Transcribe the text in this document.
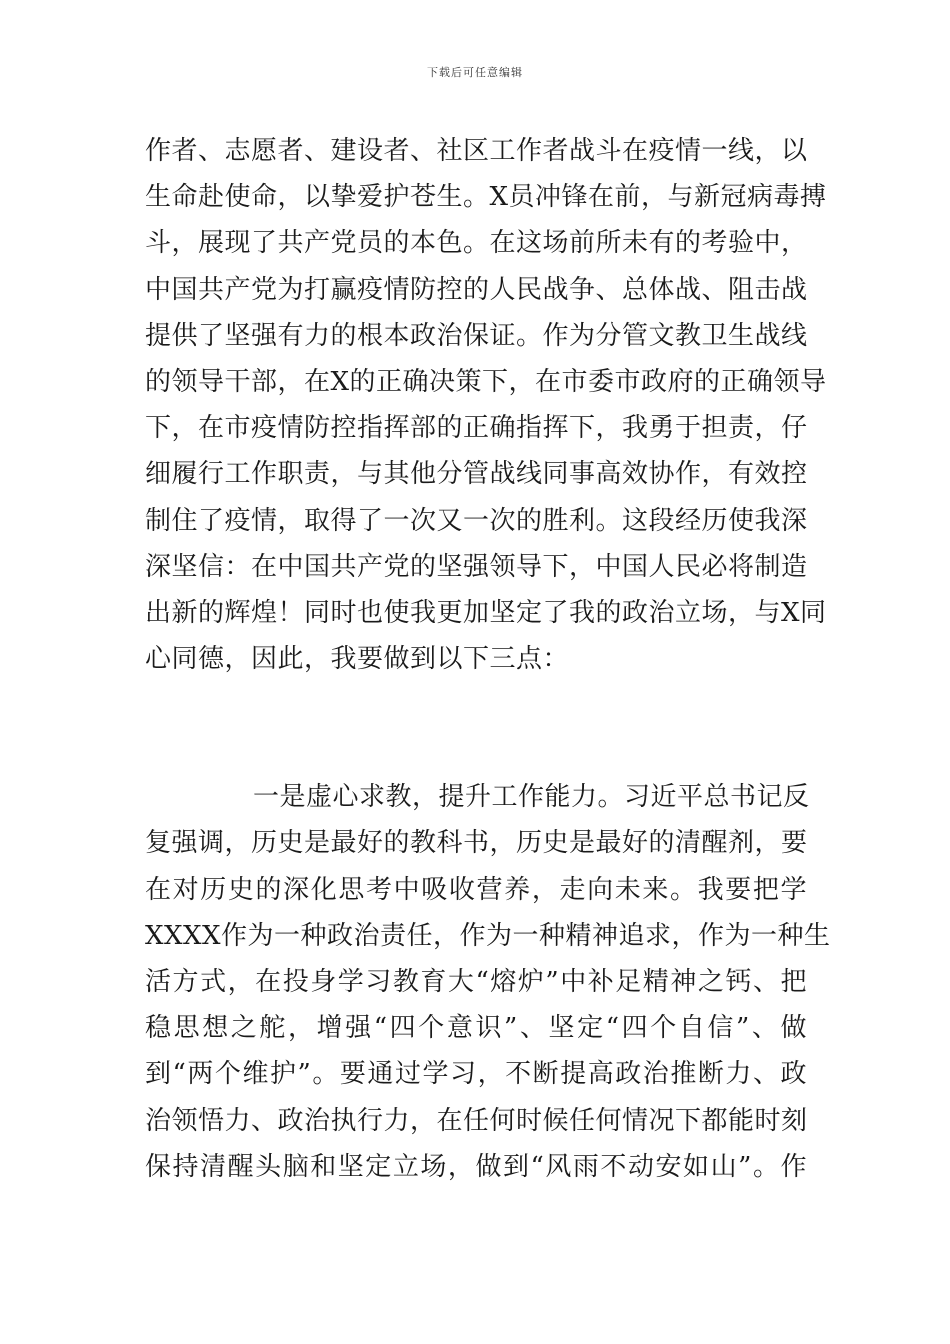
下载后可任意编辑
作者、志愿者、建设者、社区工作者战斗在疫情一线，以
生命赴使命，以挚爱护苍生。X员冲锋在前，与新冠病毒搏
斗，展现了共产党员的本色。在这场前所未有的考验中，
中国共产党为打赢疫情防控的人民战争、总体战、阻击战
提供了坚强有力的根本政治保证。作为分管文教卫生战线
的领导干部，在X的正确决策下，在市委市政府的正确领导
下，在市疫情防控指挥部的正确指挥下，我勇于担责，仔
细履行工作职责，与其他分管战线同事高效协作，有效控
制住了疫情，取得了一次又一次的胜利。这段经历使我深
深坚信：在中国共产党的坚强领导下，中国人民必将制造
出新的辉煌！同时也使我更加坚定了我的政治立场，与X同
心同德，因此，我要做到以下三点：
一是虚心求教，提升工作能力。习近平总书记反
复强调，历史是最好的教科书，历史是最好的清醒剂，要
在对历史的深化思考中吸收营养，走向未来。我要把学
XXXX作为一种政治责任，作为一种精神追求，作为一种生
活方式，在投身学习教育大“熔炉”中补足精神之钙、把
稳思想之舵，增强“四个意识”、坚定“四个自信”、做
到“两个维护”。要通过学习，不断提高政治推断力、政
治领悟力、政治执行力，在任何时候任何情况下都能时刻
保持清醒头脑和坚定立场，做到“风雨不动安如山”。作
